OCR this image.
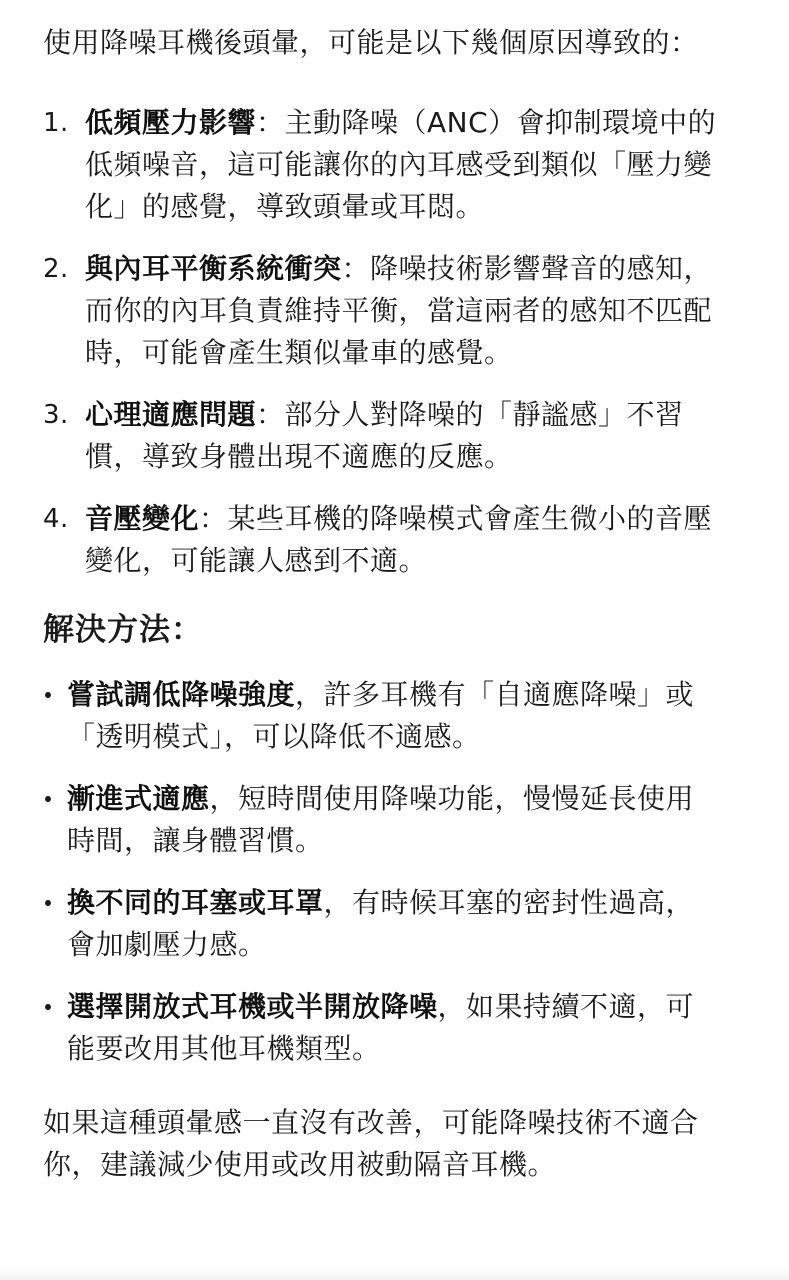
使用降噪耳機後頭暈，可能是以下幾個原因導致的：

1. 低頻壓力影響：主動降噪（ANC）會抑制環境中的低頻噪音，這可能讓你的內耳感受到類似「壓力變化」的感覺，導致頭暈或耳悶。
2. 與內耳平衡系統衝突：降噪技術影響聲音的感知，而你的內耳負責維持平衡，當這兩者的感知不匹配時，可能會產生類似暈車的感覺。
3. 心理適應問題：部分人對降噪的「靜謐感」不習慣，導致身體出現不適應的反應。
4. 音壓變化：某些耳機的降噪模式會產生微小的音壓變化，可能讓人感到不適。
解決方法：
嘗試調低降噪強度，許多耳機有「自適應降噪」或「透明模式」，可以降低不適感。
漸進式適應，短時間使用降噪功能，慢慢延長使用時間，讓身體習慣。
換不同的耳塞或耳罩，有時候耳塞的密封性過高，會加劇壓力感。
選擇開放式耳機或半開放降噪，如果持續不適，可能要改用其他耳機類型。

如果這種頭暈感一直沒有改善，可能降噪技術不適合你，建議減少使用或改用被動隔音耳機。
